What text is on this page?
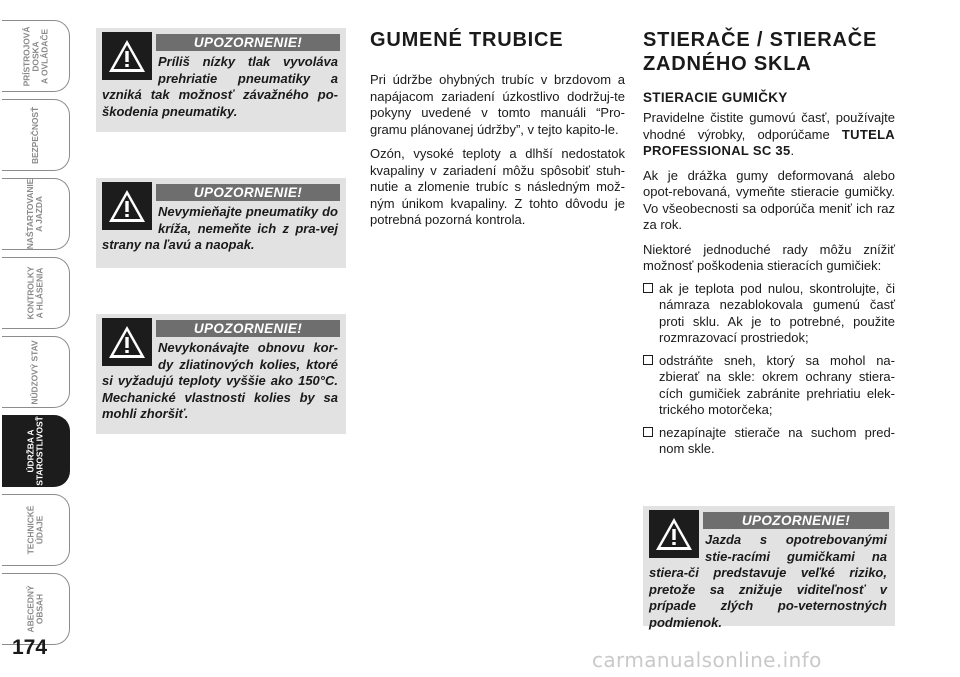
PRÍSTROJOVÁ
DOSKA
A OVLÁDAČE
BEZPEČNOSŤ
NAŠTARTOVANIE
A JAZDA
KONTROLKY
A HLÁSENIA
NÚDZOVÝ STAV
ÚDRŽBA A
STAROSTLIVOSŤ
TECHNICKÉ
ÚDAJE
ABECEDNÝ
OBSAH
174
UPOZORNENIE!
Príliš nízky tlak vyvoláva prehriatie pneumatiky a vzniká tak možnosť závažného po-škodenia pneumatiky.
UPOZORNENIE!
Nevymieňajte pneumatiky do kríža, nemeňte ich z pra-vej strany na ľavú a naopak.
UPOZORNENIE!
Nevykonávajte obnovu kor-dy zliatinových kolies, ktoré si vyžadujú teploty vyššie ako 150°C. Mechanické vlastnosti kolies by sa mohli zhoršiť.
GUMENÉ TRUBICE

Pri údržbe ohybných trubíc v brzdovom a napájacom zariadení úzkostlivo dodržuj-te pokyny uvedené v tomto manuáli “Pro-gramu plánovanej údržby”, v tejto kapito-le.

Ozón, vysoké teploty a dlhší nedostatok kvapaliny v zariadení môžu spôsobiť stuh-nutie a zlomenie trubíc s následným mož-ným únikom kvapaliny. Z tohto dôvodu je potrebná pozorná kontrola.

STIERAČE / STIERAČE ZADNÉHO SKLA
STIERACIE GUMIČKY

Pravidelne čistite gumovú časť, používajte vhodné výrobky, odporúčame TUTELA PROFESSIONAL SC 35.

Ak je drážka gumy deformovaná alebo opot-rebovaná, vymeňte stieracie gumičky. Vo všeobecnosti sa odporúča meniť ich raz za rok.

Niektoré jednoduché rady môžu znížiť možnosť poškodenia stieracích gumičiek:

ak je teplota pod nulou, skontrolujte, či námraza nezablokovala gumenú časť proti sklu. Ak je to potrebné, použite rozmrazovací prostriedok;
odstráňte sneh, ktorý sa mohol na-zbierať na skle: okrem ochrany stiera-cích gumičiek zabránite prehriatiu elek-trického motorčeka;
nezapínajte stierače na suchom pred-nom skle.
UPOZORNENIE!
Jazda s opotrebovanými stie-racími gumičkami na stiera-či predstavuje veľké riziko, pretože sa znižuje viditeľnosť v prípade zlých po-veternostných podmienok.
carmanualsonline.info
